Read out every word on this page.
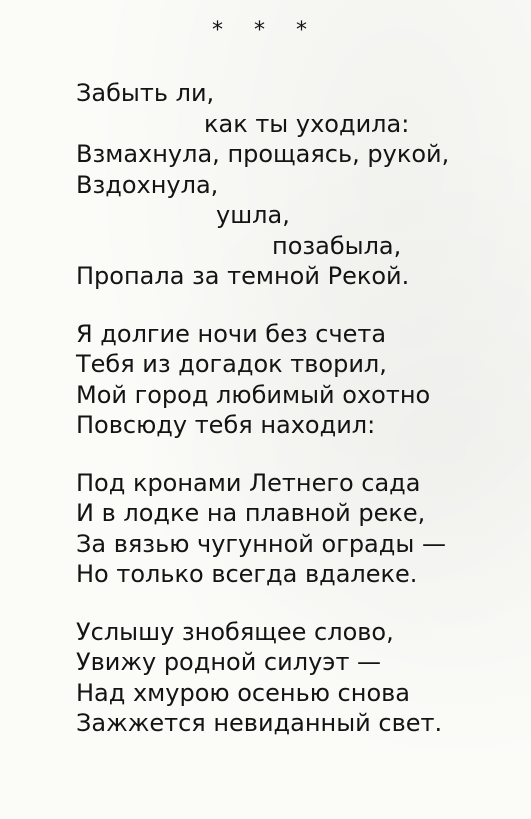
* * *
Забыть ли,
как ты уходила:
Взмахнула, прощаясь, рукой,
Вздохнула,
ушла,
позабыла,
Пропала за темной Рекой.
Я долгие ночи без счета
Тебя из догадок творил,
Мой город любимый охотно
Повсюду тебя находил:
Под кронами Летнего сада
И в лодке на плавной реке,
За вязью чугунной ограды —
Но только всегда вдалеке.
Услышу знобящее слово,
Увижу родной силуэт —
Над хмурою осенью снова
Зажжется невиданный свет.
